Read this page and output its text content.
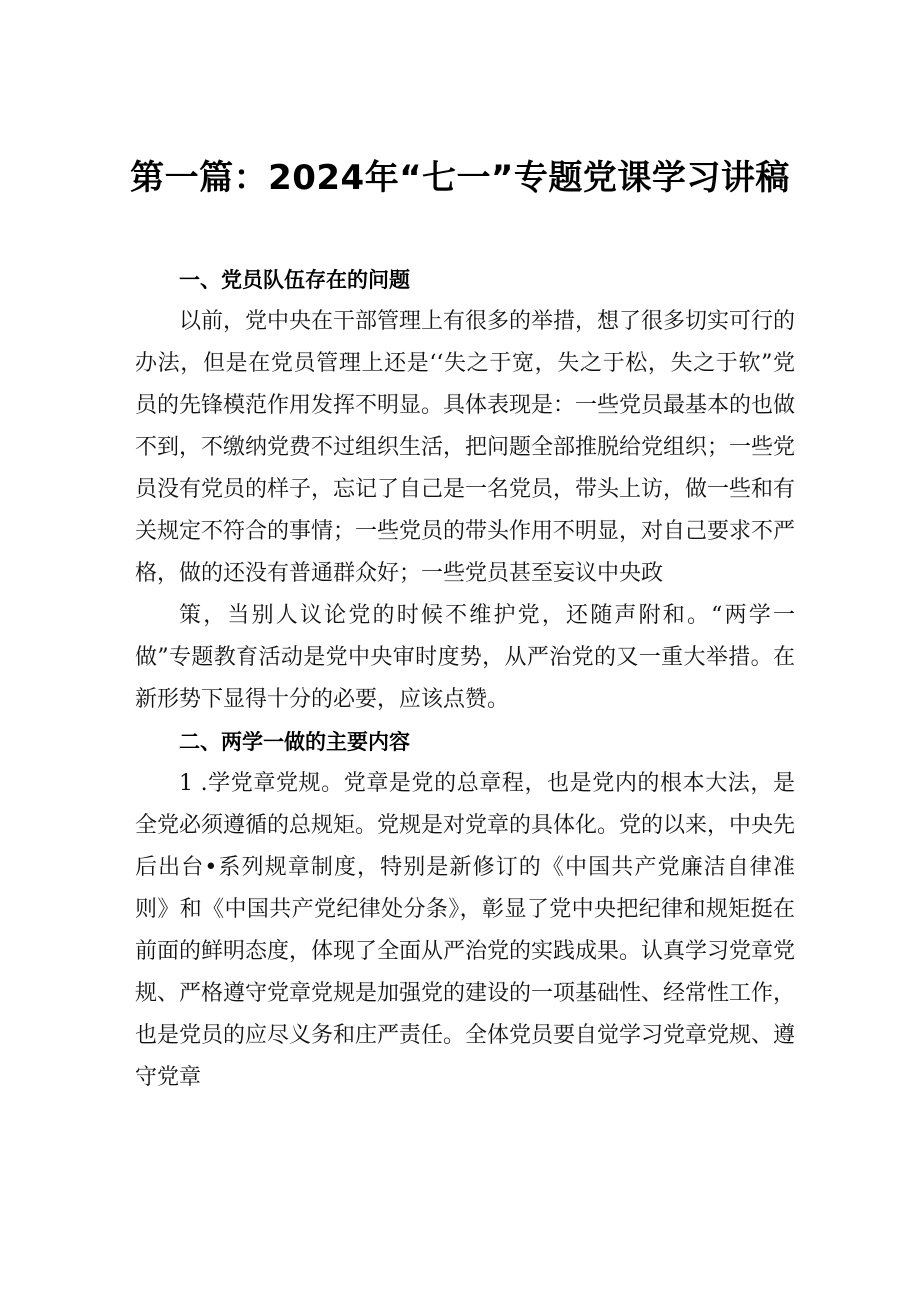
第一篇：2024年“七一”专题党课学习讲稿

一、党员队伍存在的问题

以前，党中央在干部管理上有很多的举措，想了很多切实可行的办法，但是在党员管理上还是‘‘失之于宽，失之于松，失之于软”党员的先锋模范作用发挥不明显。具体表现是：一些党员最基本的也做不到，不缴纳党费不过组织生活，把问题全部推脱给党组织；一些党员没有党员的样子，忘记了自己是一名党员，带头上访，做一些和有关规定不符合的事情；一些党员的带头作用不明显，对自己要求不严格，做的还没有普通群众好；一些党员甚至妄议中央政

策，当别人议论党的时候不维护党，还随声附和。“两学一做”专题教育活动是党中央审时度势，从严治党的又一重大举措。在新形势下显得十分的必要，应该点赞。

二、两学一做的主要内容

1 .学党章党规。党章是党的总章程，也是党内的根本大法，是全党必须遵循的总规矩。党规是对党章的具体化。党的以来，中央先后出台•系列规章制度，特别是新修订的《中国共产党廉洁自律准则》和《中国共产党纪律处分条》，彰显了党中央把纪律和规矩挺在前面的鲜明态度，体现了全面从严治党的实践成果。认真学习党章党规、严格遵守党章党规是加强党的建设的一项基础性、经常性工作，也是党员的应尽义务和庄严责任。全体党员要自觉学习党章党规、遵守党章
